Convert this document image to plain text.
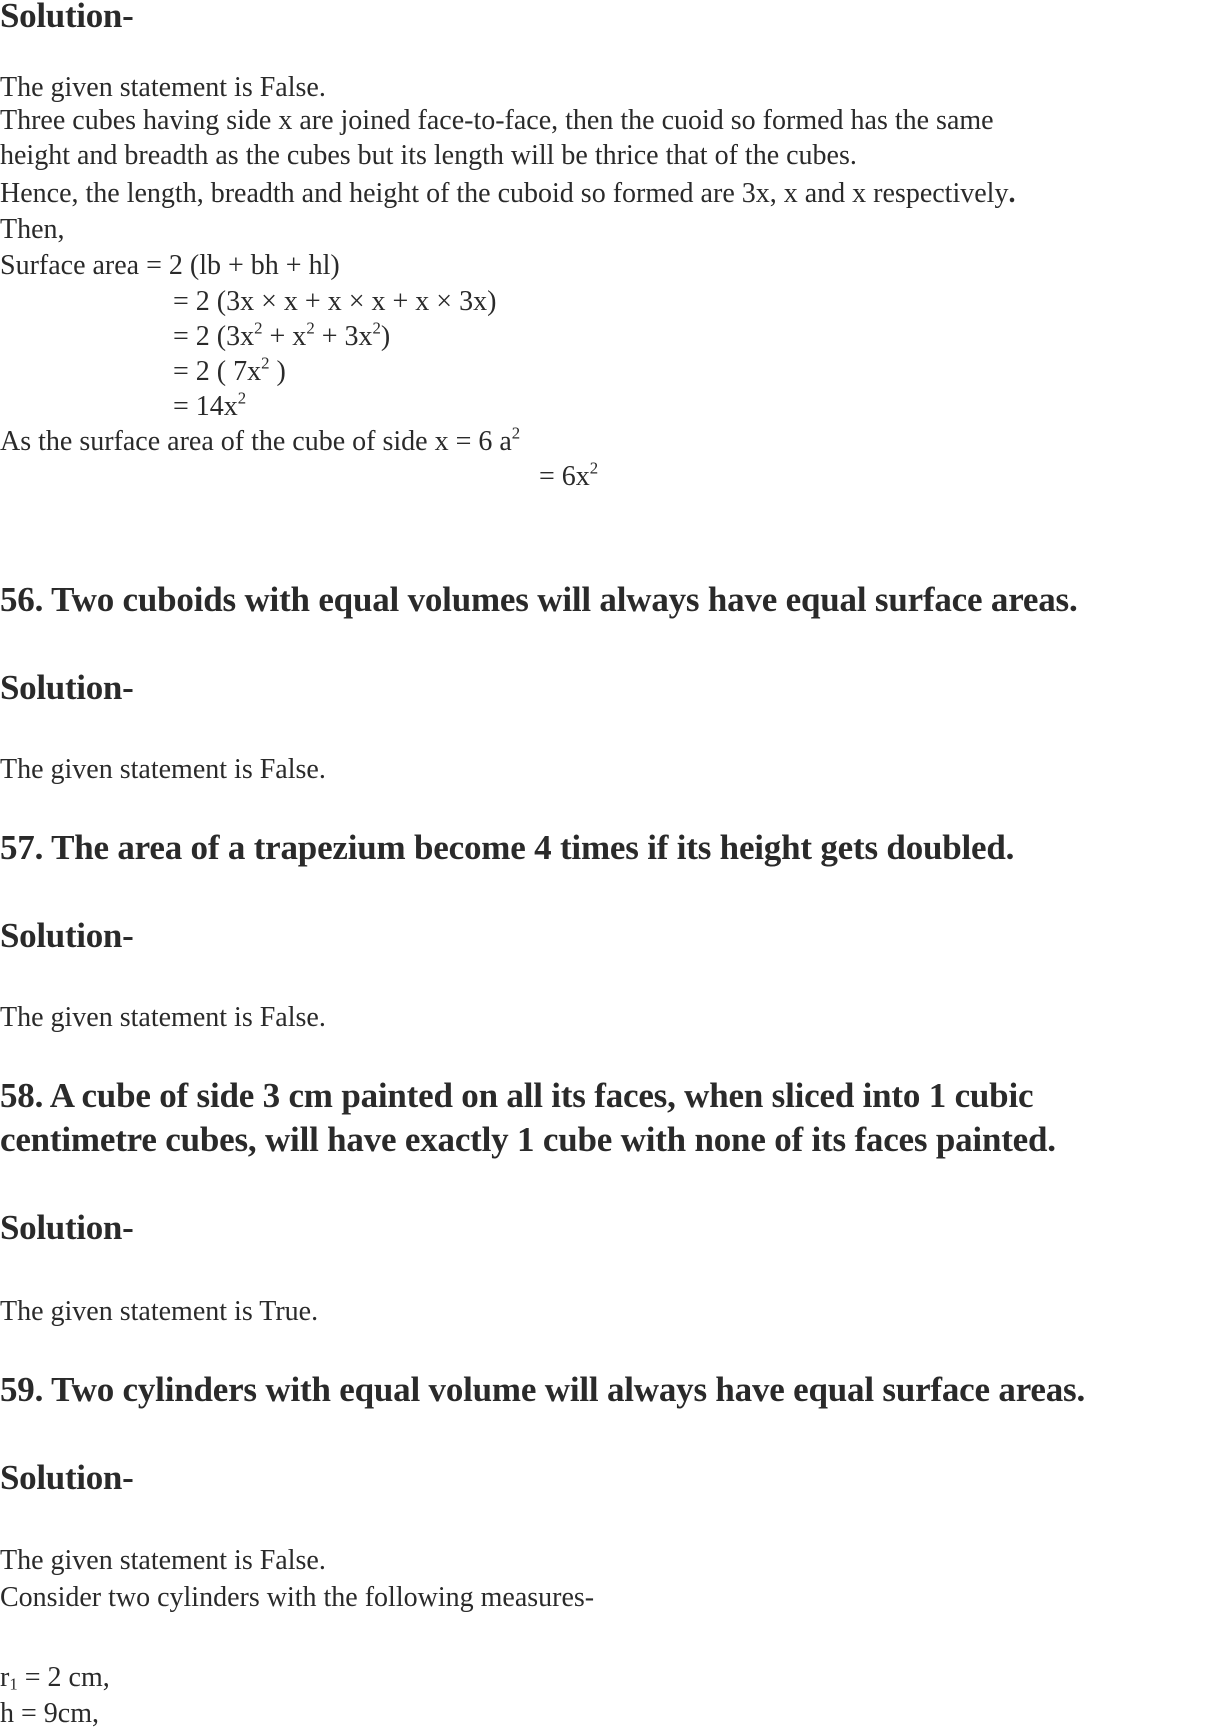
Solution-
The given statement is False.
Three cubes having side x are joined face-to-face, then the cuoid so formed has the same
height and breadth as the cubes but its length will be thrice that of the cubes.
Hence, the length, breadth and height of the cuboid so formed are 3x, x and x respectively.
Then,
Surface area = 2 (lb + bh + hl)
= 2 (3x × x + x × x + x × 3x)
= 2 $(3x^2 + x^2 + 3x^2)$
= 2 ( $7x^2$ )
= $14x^2$
As the surface area of the cube of side x = 6 $a^2$
= $6x^2$
56. Two cuboids with equal volumes will always have equal surface areas.
Solution-
The given statement is False.
57. The area of a trapezium become 4 times if its height gets doubled.
Solution-
The given statement is False.
58. A cube of side 3 cm painted on all its faces, when sliced into 1 cubic
centimetre cubes, will have exactly 1 cube with none of its faces painted.
Solution-
The given statement is True.
59. Two cylinders with equal volume will always have equal surface areas.
Solution-
The given statement is False.
Consider two cylinders with the following measures-
$r_1 = 2$ cm,
h = 9cm,
